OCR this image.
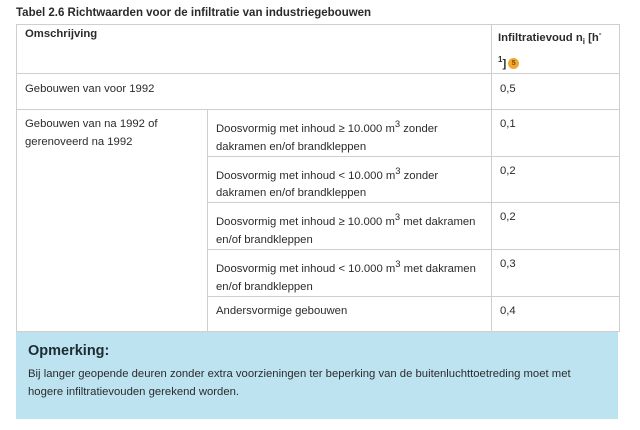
Tabel 2.6 Richtwaarden voor de infiltratie van industriegebouwen
Omschrijving		Infiltratievoud $n_i$ [h-
$^1$] 5
Gebouwen van voor 1992		0,5
Gebouwen van na 1992 of gerenoveerd na 1992	Doosvormig met inhoud ≥ 10.000 $m^3$ zonder dakramen en/of brandkleppen	0,1
	Doosvormig met inhoud < 10.000 $m^3$ zonder dakramen en/of brandkleppen	0,2
	Doosvormig met inhoud ≥ 10.000 $m^3$ met dakramen en/of brandkleppen	0,2
	Doosvormig met inhoud < 10.000 $m^3$ met dakramen en/of brandkleppen	0,3
	Andersvormige gebouwen	0,4
Opmerking:
Bij langer geopende deuren zonder extra voorzieningen ter beperking van de buitenluchttoetreding moet met hogere infiltratievouden gerekend worden.
